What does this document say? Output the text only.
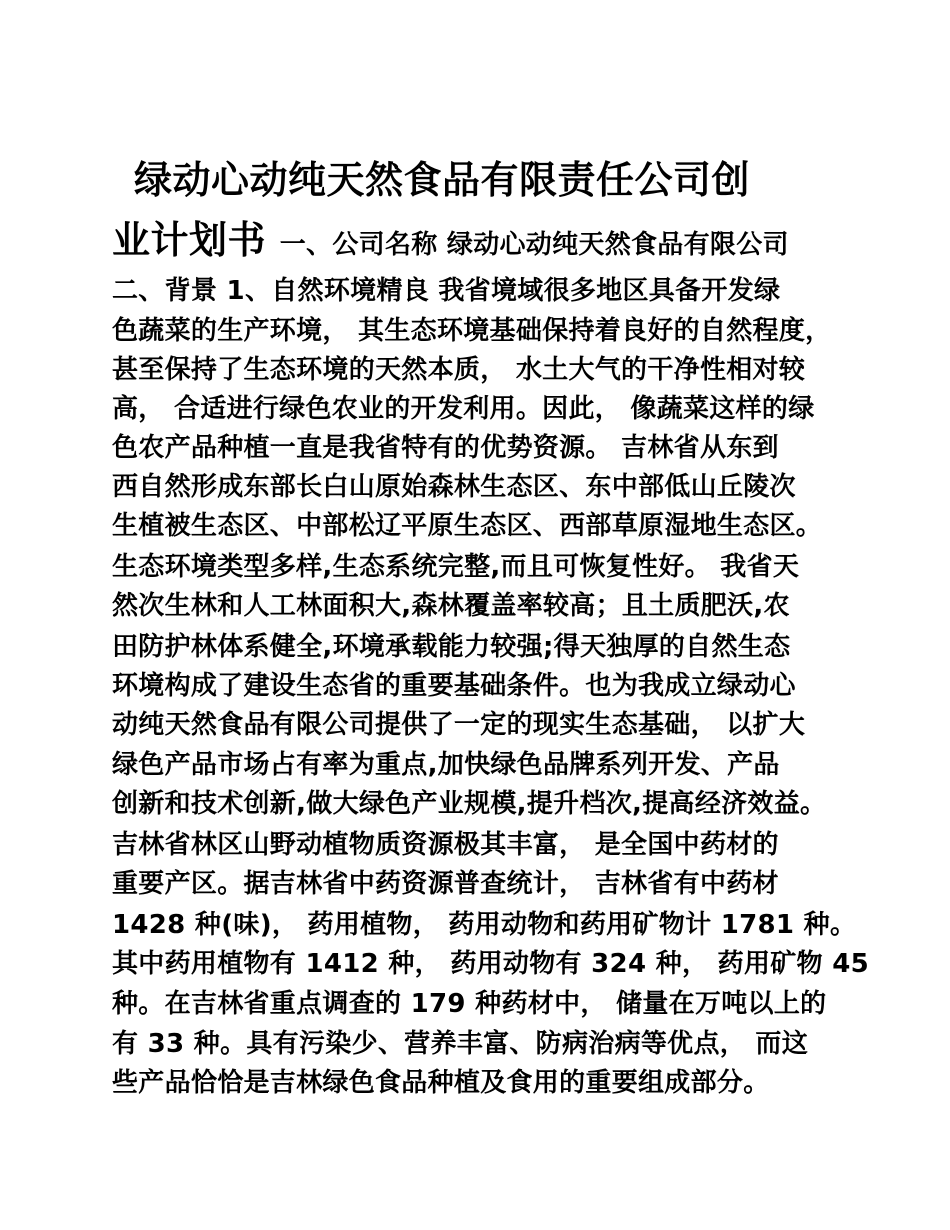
绿动心动纯天然食品有限责任公司创
业计划书 一、公司名称 绿动心动纯天然食品有限公司
二、背景 1、自然环境精良 我省境域很多地区具备开发绿
色蔬菜的生产环境， 其生态环境基础保持着良好的自然程度，
甚至保持了生态环境的天然本质， 水土大气的干净性相对较
高， 合适进行绿色农业的开发利用。因此， 像蔬菜这样的绿
色农产品种植一直是我省特有的优势资源。 吉林省从东到
西自然形成东部长白山原始森林生态区、东中部低山丘陵次
生植被生态区、中部松辽平原生态区、西部草原湿地生态区。
生态环境类型多样,生态系统完整,而且可恢复性好。 我省天
然次生林和人工林面积大,森林覆盖率较高；且土质肥沃,农
田防护林体系健全,环境承载能力较强;得天独厚的自然生态
环境构成了建设生态省的重要基础条件。也为我成立绿动心
动纯天然食品有限公司提供了一定的现实生态基础， 以扩大
绿色产品市场占有率为重点,加快绿色品牌系列开发、产品
创新和技术创新,做大绿色产业规模,提升档次,提高经济效益。
吉林省林区山野动植物质资源极其丰富， 是全国中药材的
重要产区。据吉林省中药资源普查统计， 吉林省有中药材
1428 种(味)， 药用植物， 药用动物和药用矿物计 1781 种。
其中药用植物有 1412 种， 药用动物有 324 种， 药用矿物 45
种。在吉林省重点调查的 179 种药材中， 储量在万吨以上的
有 33 种。具有污染少、营养丰富、防病治病等优点， 而这
些产品恰恰是吉林绿色食品种植及食用的重要组成部分。
